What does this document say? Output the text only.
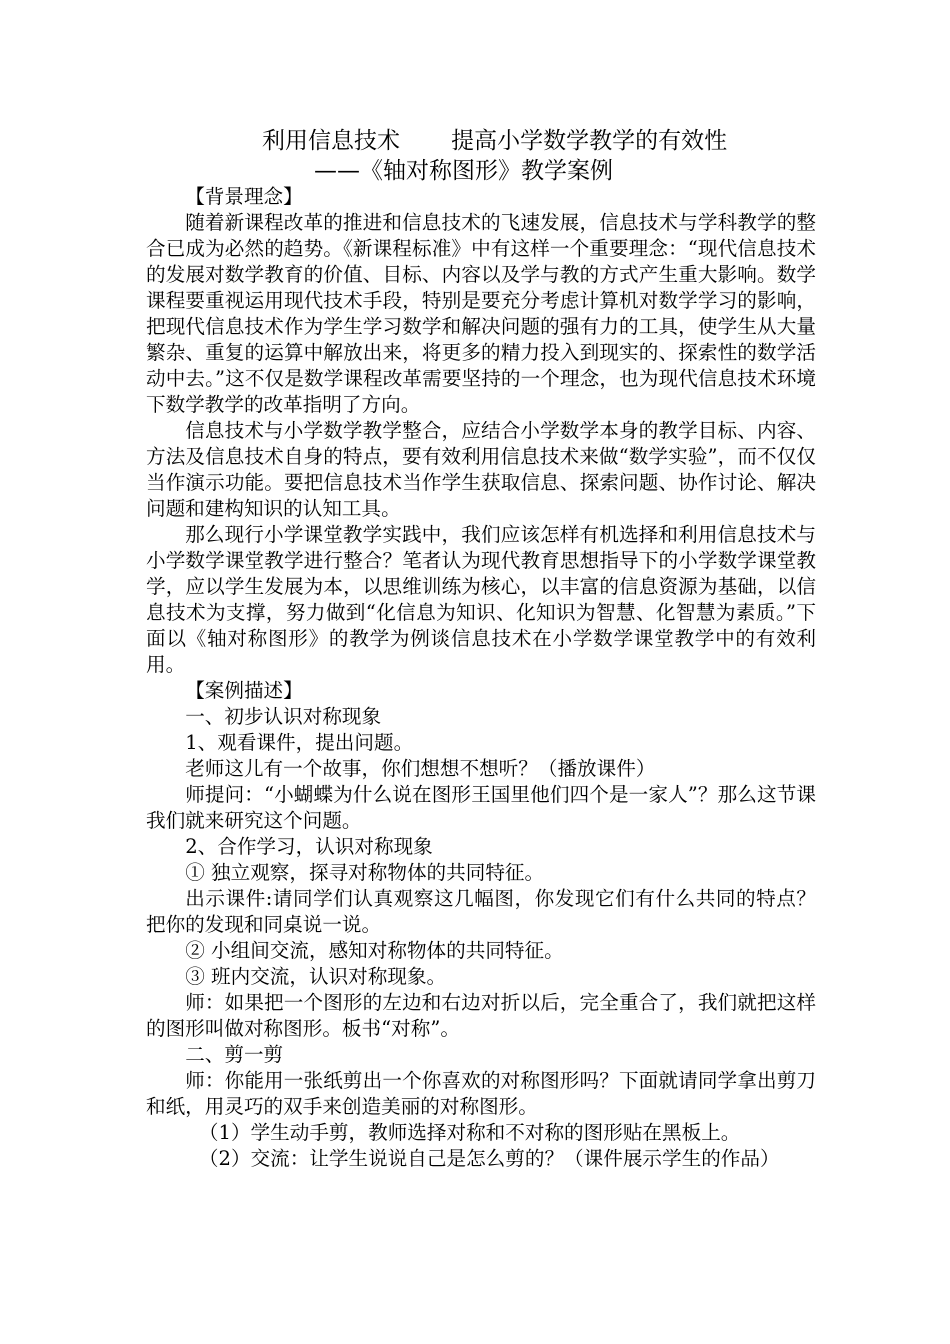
利用信息技术       提高小学数学教学的有效性
——《轴对称图形》教学案例

【背景理念】

随着新课程改革的推进和信息技术的飞速发展，信息技术与学科教学的整合已成为必然的趋势。《新课程标准》中有这样一个重要理念：“现代信息技术的发展对数学教育的价值、目标、内容以及学与教的方式产生重大影响。数学课程要重视运用现代技术手段，特别是要充分考虑计算机对数学学习的影响，把现代信息技术作为学生学习数学和解决问题的强有力的工具，使学生从大量繁杂、重复的运算中解放出来，将更多的精力投入到现实的、探索性的数学活动中去。”这不仅是数学课程改革需要坚持的一个理念，也为现代信息技术环境下数学教学的改革指明了方向。

信息技术与小学数学教学整合，应结合小学数学本身的教学目标、内容、方法及信息技术自身的特点，要有效利用信息技术来做“数学实验”，而不仅仅当作演示功能。要把信息技术当作学生获取信息、探索问题、协作讨论、解决问题和建构知识的认知工具。

那么现行小学课堂教学实践中，我们应该怎样有机选择和利用信息技术与小学数学课堂教学进行整合？笔者认为现代教育思想指导下的小学数学课堂教学，应以学生发展为本，以思维训练为核心，以丰富的信息资源为基础，以信息技术为支撑，努力做到“化信息为知识、化知识为智慧、化智慧为素质。”下面以《轴对称图形》的教学为例谈信息技术在小学数学课堂教学中的有效利用。

【案例描述】

一、初步认识对称现象

1、观看课件，提出问题。

老师这儿有一个故事，你们想想不想听？（播放课件）

师提问：“小蝴蝶为什么说在图形王国里他们四个是一家人”？那么这节课我们就来研究这个问题。

2、合作学习，认识对称现象

① 独立观察，探寻对称物体的共同特征。

出示课件:请同学们认真观察这几幅图，你发现它们有什么共同的特点？把你的发现和同桌说一说。

② 小组间交流，感知对称物体的共同特征。

③ 班内交流，认识对称现象。

师：如果把一个图形的左边和右边对折以后，完全重合了，我们就把这样的图形叫做对称图形。板书“对称”。

二、剪一剪

师：你能用一张纸剪出一个你喜欢的对称图形吗？下面就请同学拿出剪刀和纸，用灵巧的双手来创造美丽的对称图形。

（1）学生动手剪，教师选择对称和不对称的图形贴在黑板上。

（2）交流：让学生说说自己是怎么剪的？（课件展示学生的作品）
